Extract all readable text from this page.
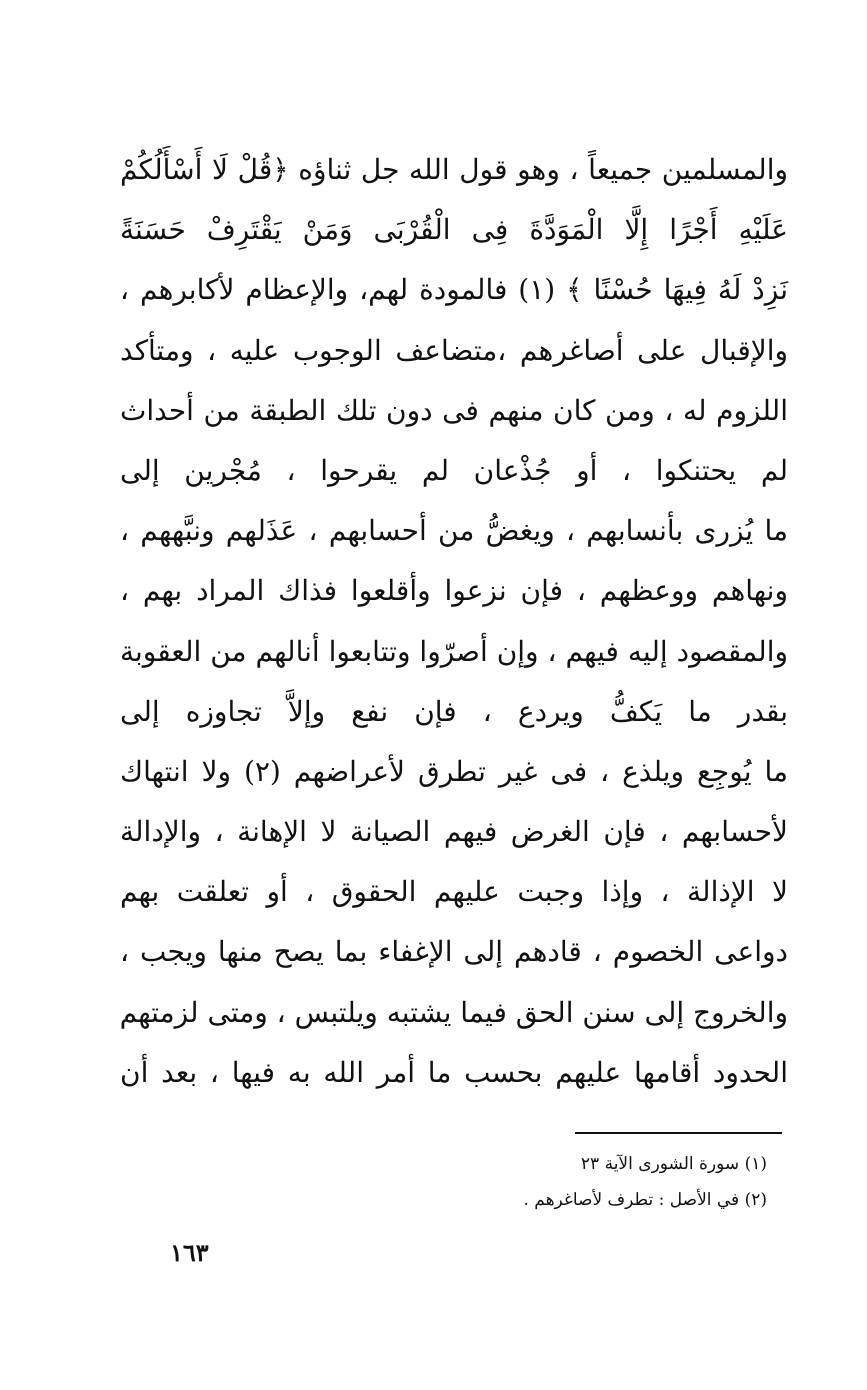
والمسلمين جميعاً ، وهو قول الله جل ثناؤه ﴿قُلْ لَا أَسْأَلُكُمْ
عَلَيْهِ أَجْرًا إِلَّا الْمَوَدَّةَ فِى الْقُرْبَى وَمَنْ يَقْتَرِفْ حَسَنَةً
نَزِدْ لَهُ فِيهَا حُسْنًا ﴾ (١) فالمودة لهم، والإعظام لأكابرهم ،
والإقبال على أصاغرهم ،متضاعف الوجوب عليه ، ومتأكد
اللزوم له ، ومن كان منهم فى دون تلك الطبقة من أحداث
لم يحتنكوا ، أو جُذْعان لم يقرحوا ، مُجْرين إلى
ما يُزرى بأنسابهم ، ويغضُّ من أحسابهم ، عَذَلهم ونبَّههم ،
ونهاهم ووعظهم ، فإن نزعوا وأقلعوا فذاك المراد بهم ،
والمقصود إليه فيهم ، وإن أصرّوا وتتابعوا أنالهم من العقوبة
بقدر ما يَكفُّ ويردع ، فإن نفع وإلاَّ تجاوزه إلى
ما يُوجِع ويلذع ، فى غير تطرق لأعراضهم (٢) ولا انتهاك
لأحسابهم ، فإن الغرض فيهم الصيانة لا الإهانة ، والإدالة
لا الإذالة ، وإذا وجبت عليهم الحقوق ، أو تعلقت بهم
دواعى الخصوم ، قادهم إلى الإغفاء بما يصح منها ويجب ،
والخروج إلى سنن الحق فيما يشتبه ويلتبس ، ومتى لزمتهم
الحدود أقامها عليهم بحسب ما أمر الله به فيها ، بعد أن
(١) سورة الشورى الآية ٢٣
(٢) في الأصل : تطرف لأصاغرهم .
١٦٣
